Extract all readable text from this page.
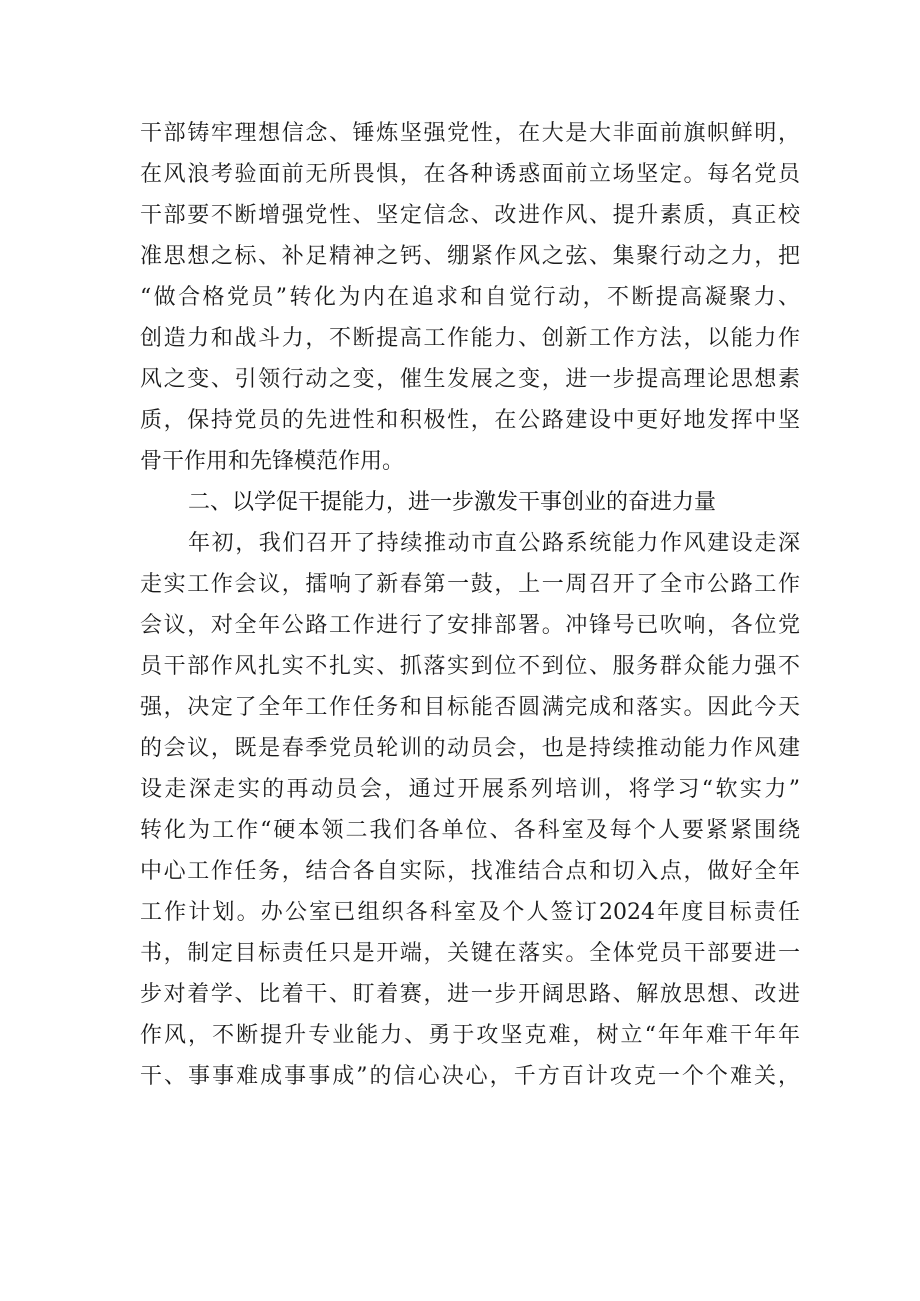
干部铸牢理想信念、锤炼坚强党性，在大是大非面前旗帜鲜明，
在风浪考验面前无所畏惧，在各种诱惑面前立场坚定。每名党员
干部要不断增强党性、坚定信念、改进作风、提升素质，真正校
准思想之标、补足精神之钙、绷紧作风之弦、集聚行动之力，把
“做合格党员”转化为内在追求和自觉行动，不断提高凝聚力、
创造力和战斗力，不断提高工作能力、创新工作方法，以能力作
风之变、引领行动之变，催生发展之变，进一步提高理论思想素
质，保持党员的先进性和积极性，在公路建设中更好地发挥中坚
骨干作用和先锋模范作用。
二、以学促干提能力，进一步激发干事创业的奋进力量
年初，我们召开了持续推动市直公路系统能力作风建设走深
走实工作会议，擂响了新春第一鼓，上一周召开了全市公路工作
会议，对全年公路工作进行了安排部署。冲锋号已吹响，各位党
员干部作风扎实不扎实、抓落实到位不到位、服务群众能力强不
强，决定了全年工作任务和目标能否圆满完成和落实。因此今天
的会议，既是春季党员轮训的动员会，也是持续推动能力作风建
设走深走实的再动员会，通过开展系列培训，将学习“软实力”
转化为工作“硬本领二我们各单位、各科室及每个人要紧紧围绕
中心工作任务，结合各自实际，找准结合点和切入点，做好全年
工作计划。办公室已组织各科室及个人签订2024年度目标责任
书，制定目标责任只是开端，关键在落实。全体党员干部要进一
步对着学、比着干、盯着赛，进一步开阔思路、解放思想、改进
作风，不断提升专业能力、勇于攻坚克难，树立“年年难干年年
干、事事难成事事成”的信心决心，千方百计攻克一个个难关，
